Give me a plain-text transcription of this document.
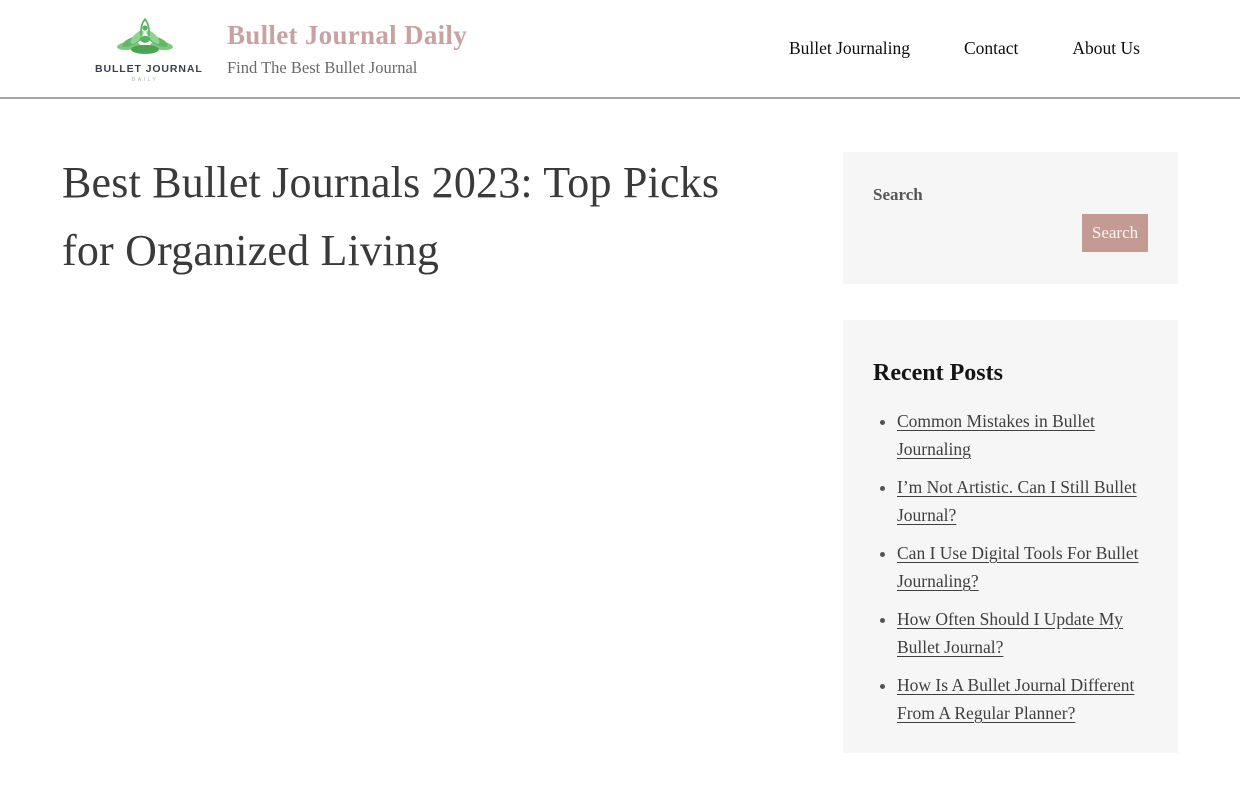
BULLET JOURNAL
DAILY
Bullet Journal Daily

Find The Best Bullet Journal

Bullet Journaling	Contact	About Us
Best Bullet Journals 2023: Top Picks for Organized Living
Search
Search
Recent Posts
• Common Mistakes in Bullet Journaling
• I’m Not Artistic. Can I Still Bullet Journal?
• Can I Use Digital Tools For Bullet Journaling?
• How Often Should I Update My Bullet Journal?
• How Is A Bullet Journal Different From A Regular Planner?
